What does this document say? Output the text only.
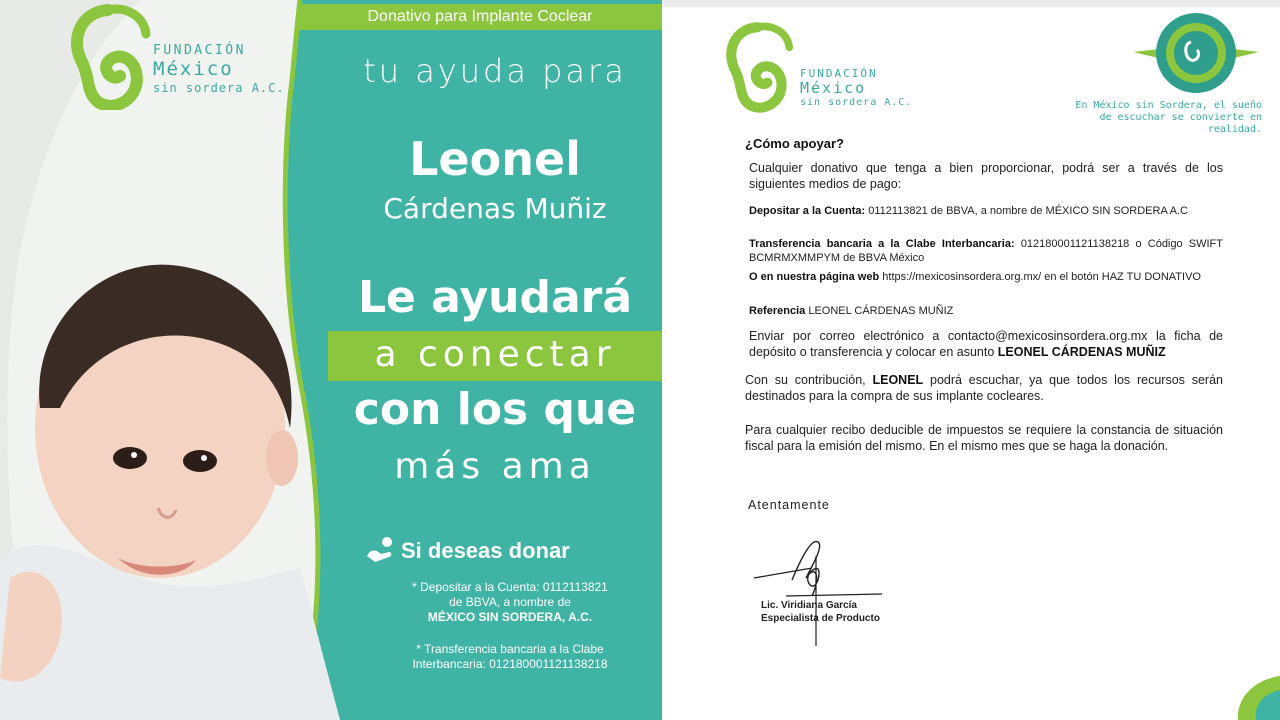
FUNDACIÓN
México
sin sordera A.C.
Donativo para Implante Coclear
tu ayuda para
Leonel
Cárdenas Muñiz
Le ayudará
a conectar
con los que
más ama
Si deseas donar
* Depositar a la Cuenta: 0112113821
de BBVA, a nombre de
MÉXICO SIN SORDERA, A.C.
* Transferencia bancaria a la Clabe
Interbancaria: 012180001121138218
FUNDACIÓN
México
sin sordera A.C.	En México sin Sordera, el sueño de escuchar se convierte en realidad.
¿Cómo apoyar?
Cualquier donativo que tenga a bien proporcionar, podrá ser a través de los siguientes medios de pago:
Depositar a la Cuenta: 0112113821 de BBVA, a nombre de MÉXICO SIN SORDERA A.C
Transferencia bancaria a la Clabe Interbancaria: 012180001121138218 o Código SWIFT BCMRMXMMPYM de BBVA México
O en nuestra página web https://mexicosinsordera.org.mx/ en el botón HAZ TU DONATIVO
Referencia LEONEL CÁRDENAS MUÑIZ
Enviar por correo electrónico a contacto@mexicosinsordera.org.mx la ficha de depósito o transferencia y colocar en asunto LEONEL CÁRDENAS MUÑIZ
Con su contribución, LEONEL podrá escuchar, ya que todos los recursos serán destinados para la compra de sus implante cocleares.
Para cualquier recibo deducible de impuestos se requiere la constancia de situación fiscal para la emisión del mismo. En el mismo mes que se haga la donación.
Atentamente
Lic. Viridiana García
Especialista de Producto
